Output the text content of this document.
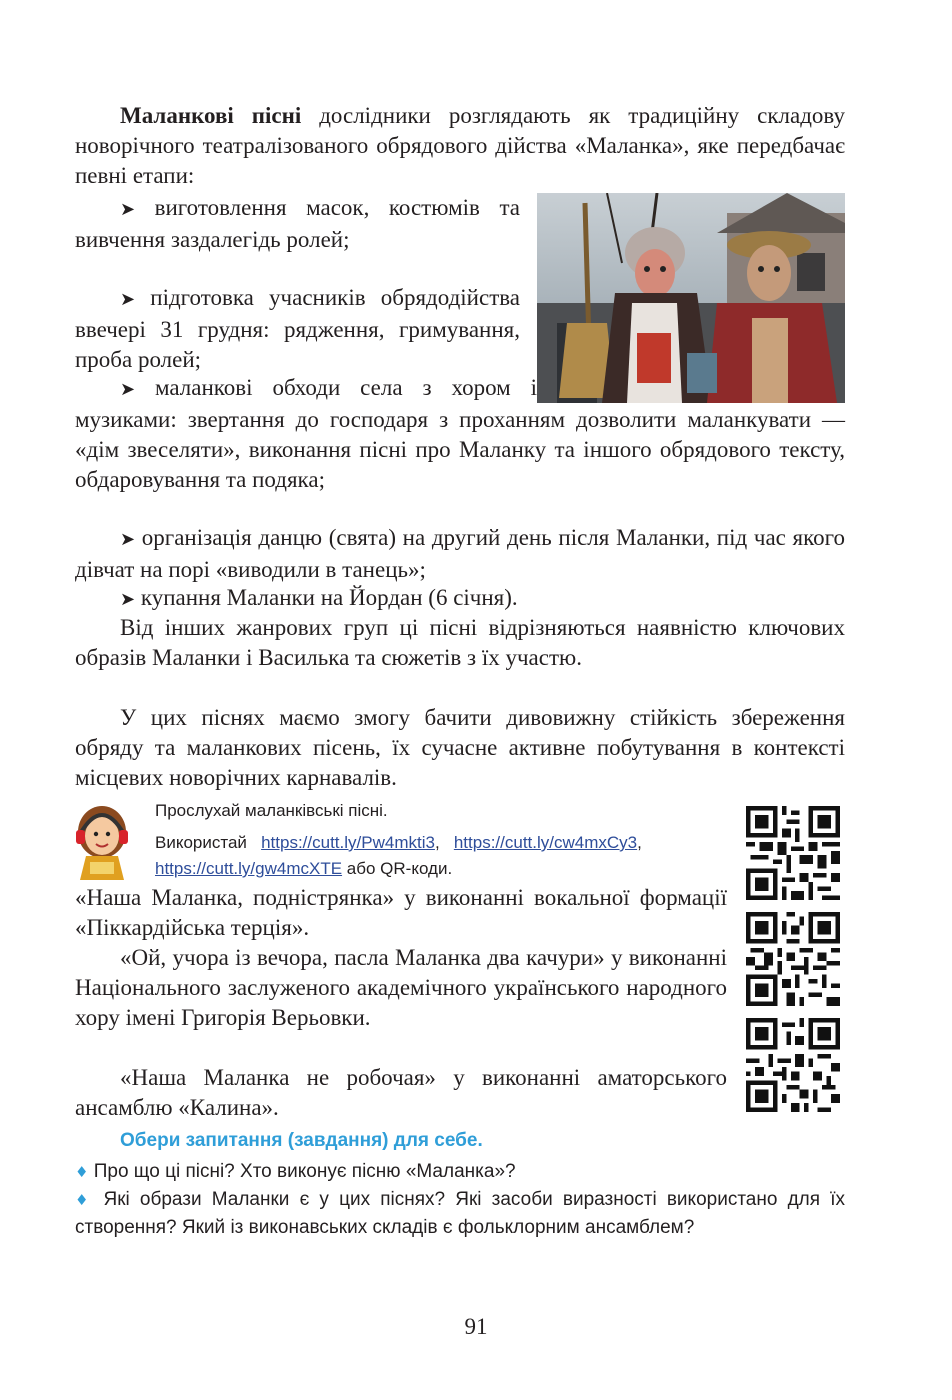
Маланкові пісні дослідники розглядають як традиційну складову новорічного театралізованого обрядового дійства «Маланка», яке передбачає певні етапи:
➤ виготовлення масок, костюмів та вивчення заздалегідь ролей;
➤ підготовка учасників обрядодійства ввечері 31 грудня: рядження, гримування, проба ролей;
➤ маланкові обходи села з хором і музиками: звертання до господаря з проханням дозволити маланкувати — «дім звеселяти», виконання пісні про Маланку та іншого обрядового тексту, обдаровування та подяка;
➤ організація данцю (свята) на другий день після Маланки, під час якого дівчат на порі «виводили в танець»;
➤ купання Маланки на Йордан (6 січня).
Від інших жанрових груп ці пісні відрізняються наявністю ключових образів Маланки і Василька та сюжетів з їх участю.
У цих піснях маємо змогу бачити дивовижну стійкість збереження обряду та маланкових пісень, їх сучасне активне побутування в контексті місцевих новорічних карнавалів.
Прослухай маланківські пісні.
Використай https://cutt.ly/Pw4mkti3,   https://cutt.ly/cw4mxCy3,
https://cutt.ly/gw4mcXTE або QR-коди.
«Наша Маланка, подністрянка» у виконанні вокальної формації «Піккардійська терція».
«Ой, учора із вечора, пасла Маланка два качури» у виконанні Національного заслуженого академічного українського народного хору імені Григорія Верьовки.
«Наша Маланка не робочая» у виконанні аматорського ансамблю «Калина».
Обери запитання (завдання) для себе.
♦ Про що ці пісні? Хто виконує пісню «Маланка»?
♦ Які образи Маланки є у цих піснях? Які засоби виразності використано для їх створення? Який із виконавських складів є фольклорним ансамблем?
91
